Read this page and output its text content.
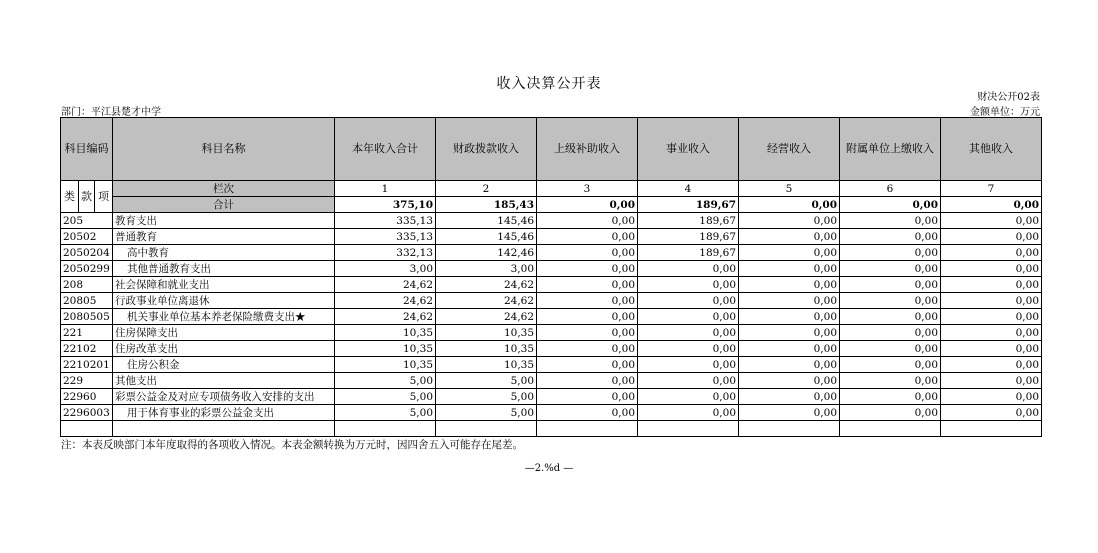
收入决算公开表
财决公开02表
金额单位：万元
部门：平江县楚才中学
科目编码			科目名称	本年收入合计	财政拨款收入	上级补助收入	事业收入	经营收入	附属单位上缴收入	其他收入
类	款	项	栏次	1	2	3	4	5	6	7
			合计	375,10	185,43	0,00	189,67	0,00	0,00	0,00
205			教育支出	335,13	145,46	0,00	189,67	0,00	0,00	0,00
20502			普通教育	335,13	145,46	0,00	189,67	0,00	0,00	0,00
2050204			高中教育	332,13	142,46	0,00	189,67	0,00	0,00	0,00
2050299			其他普通教育支出	3,00	3,00	0,00	0,00	0,00	0,00	0,00
208			社会保障和就业支出	24,62	24,62	0,00	0,00	0,00	0,00	0,00
20805			行政事业单位离退休	24,62	24,62	0,00	0,00	0,00	0,00	0,00
2080505			机关事业单位基本养老保险缴费支出★	24,62	24,62	0,00	0,00	0,00	0,00	0,00
221			住房保障支出	10,35	10,35	0,00	0,00	0,00	0,00	0,00
22102			住房改革支出	10,35	10,35	0,00	0,00	0,00	0,00	0,00
2210201			住房公积金	10,35	10,35	0,00	0,00	0,00	0,00	0,00
229			其他支出	5,00	5,00	0,00	0,00	0,00	0,00	0,00
22960			彩票公益金及对应专项债务收入安排的支出	5,00	5,00	0,00	0,00	0,00	0,00	0,00
2296003			用于体育事业的彩票公益金支出	5,00	5,00	0,00	0,00	0,00	0,00	0,00

注：本表反映部门本年度取得的各项收入情况。本表金额转换为万元时，因四舍五入可能存在尾差。
—2.%d —
